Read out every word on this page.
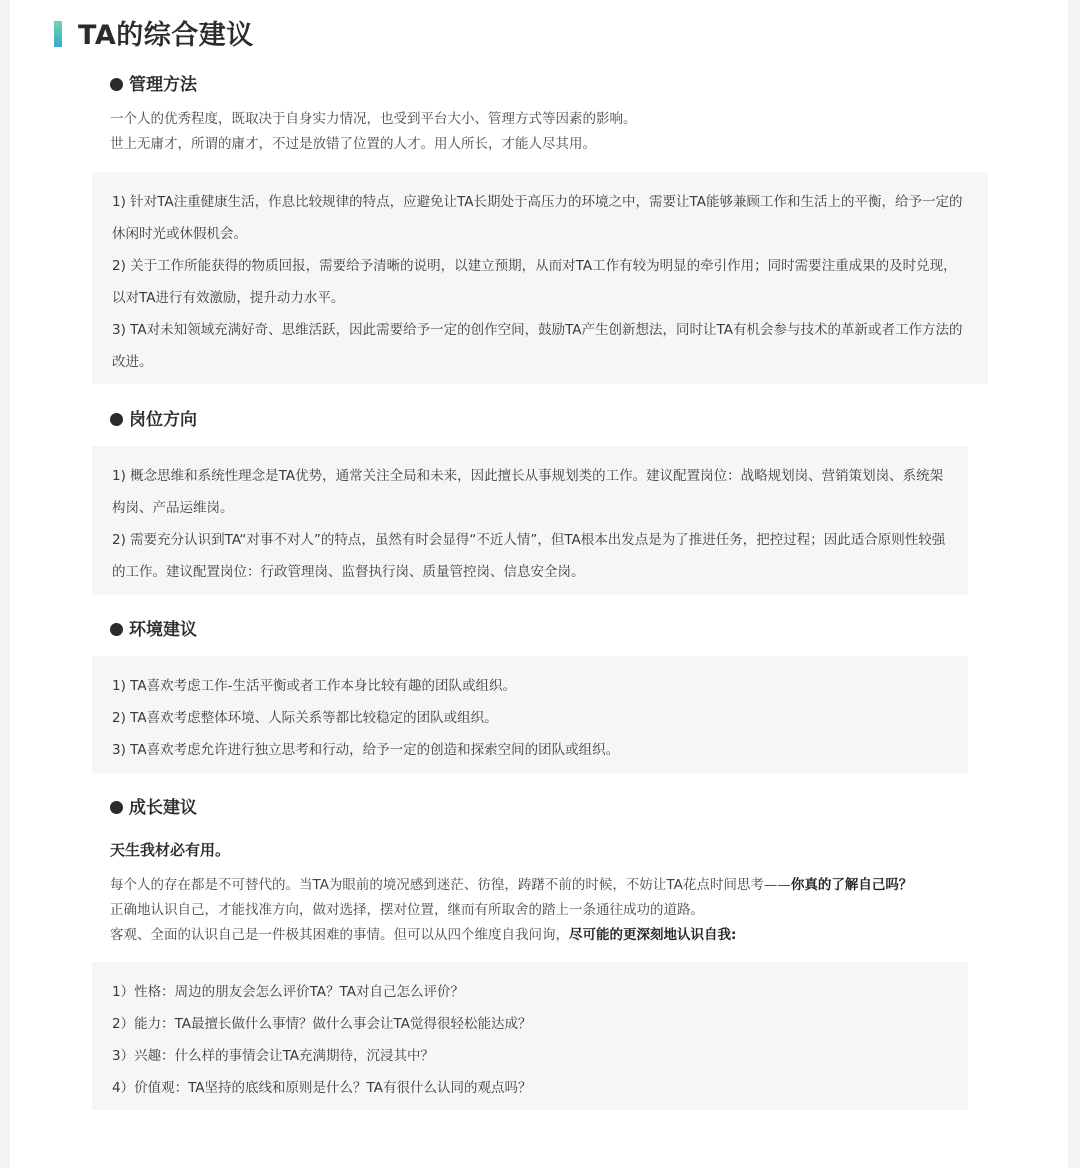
TA的综合建议
管理方法

一个人的优秀程度，既取决于自身实力情况，也受到平台大小、管理方式等因素的影响。

世上无庸才，所谓的庸才，不过是放错了位置的人才。用人所长，才能人尽其用。

1) 针对TA注重健康生活，作息比较规律的特点，应避免让TA长期处于高压力的环境之中，需要让TA能够兼顾工作和生活上的平衡，给予一定的休闲时光或休假机会。

2) 关于工作所能获得的物质回报，需要给予清晰的说明，以建立预期，从而对TA工作有较为明显的牵引作用；同时需要注重成果的及时兑现，以对TA进行有效激励，提升动力水平。

3) TA对未知领域充满好奇、思维活跃，因此需要给予一定的创作空间，鼓励TA产生创新想法，同时让TA有机会参与技术的革新或者工作方法的改进。

岗位方向

1) 概念思维和系统性理念是TA优势，通常关注全局和未来，因此擅长从事规划类的工作。建议配置岗位：战略规划岗、营销策划岗、系统架构岗、产品运维岗。

2) 需要充分认识到TA“对事不对人”的特点，虽然有时会显得“不近人情”，但TA根本出发点是为了推进任务，把控过程；因此适合原则性较强的工作。建议配置岗位：行政管理岗、监督执行岗、质量管控岗、信息安全岗。

环境建议

1) TA喜欢考虑工作-生活平衡或者工作本身比较有趣的团队或组织。

2) TA喜欢考虑整体环境、人际关系等都比较稳定的团队或组织。

3) TA喜欢考虑允许进行独立思考和行动，给予一定的创造和探索空间的团队或组织。

成长建议
天生我材必有用。

每个人的存在都是不可替代的。当TA为眼前的境况感到迷茫、彷徨，踌躇不前的时候，不妨让TA花点时间思考——你真的了解自己吗？

正确地认识自己，才能找准方向，做对选择，摆对位置，继而有所取舍的踏上一条通往成功的道路。

客观、全面的认识自己是一件极其困难的事情。但可以从四个维度自我问询，尽可能的更深刻地认识自我:

1）性格：周边的朋友会怎么评价TA？TA对自己怎么评价？

2）能力：TA最擅长做什么事情？做什么事会让TA觉得很轻松能达成？

3）兴趣：什么样的事情会让TA充满期待，沉浸其中？

4）价值观：TA坚持的底线和原则是什么？TA有很什么认同的观点吗？
